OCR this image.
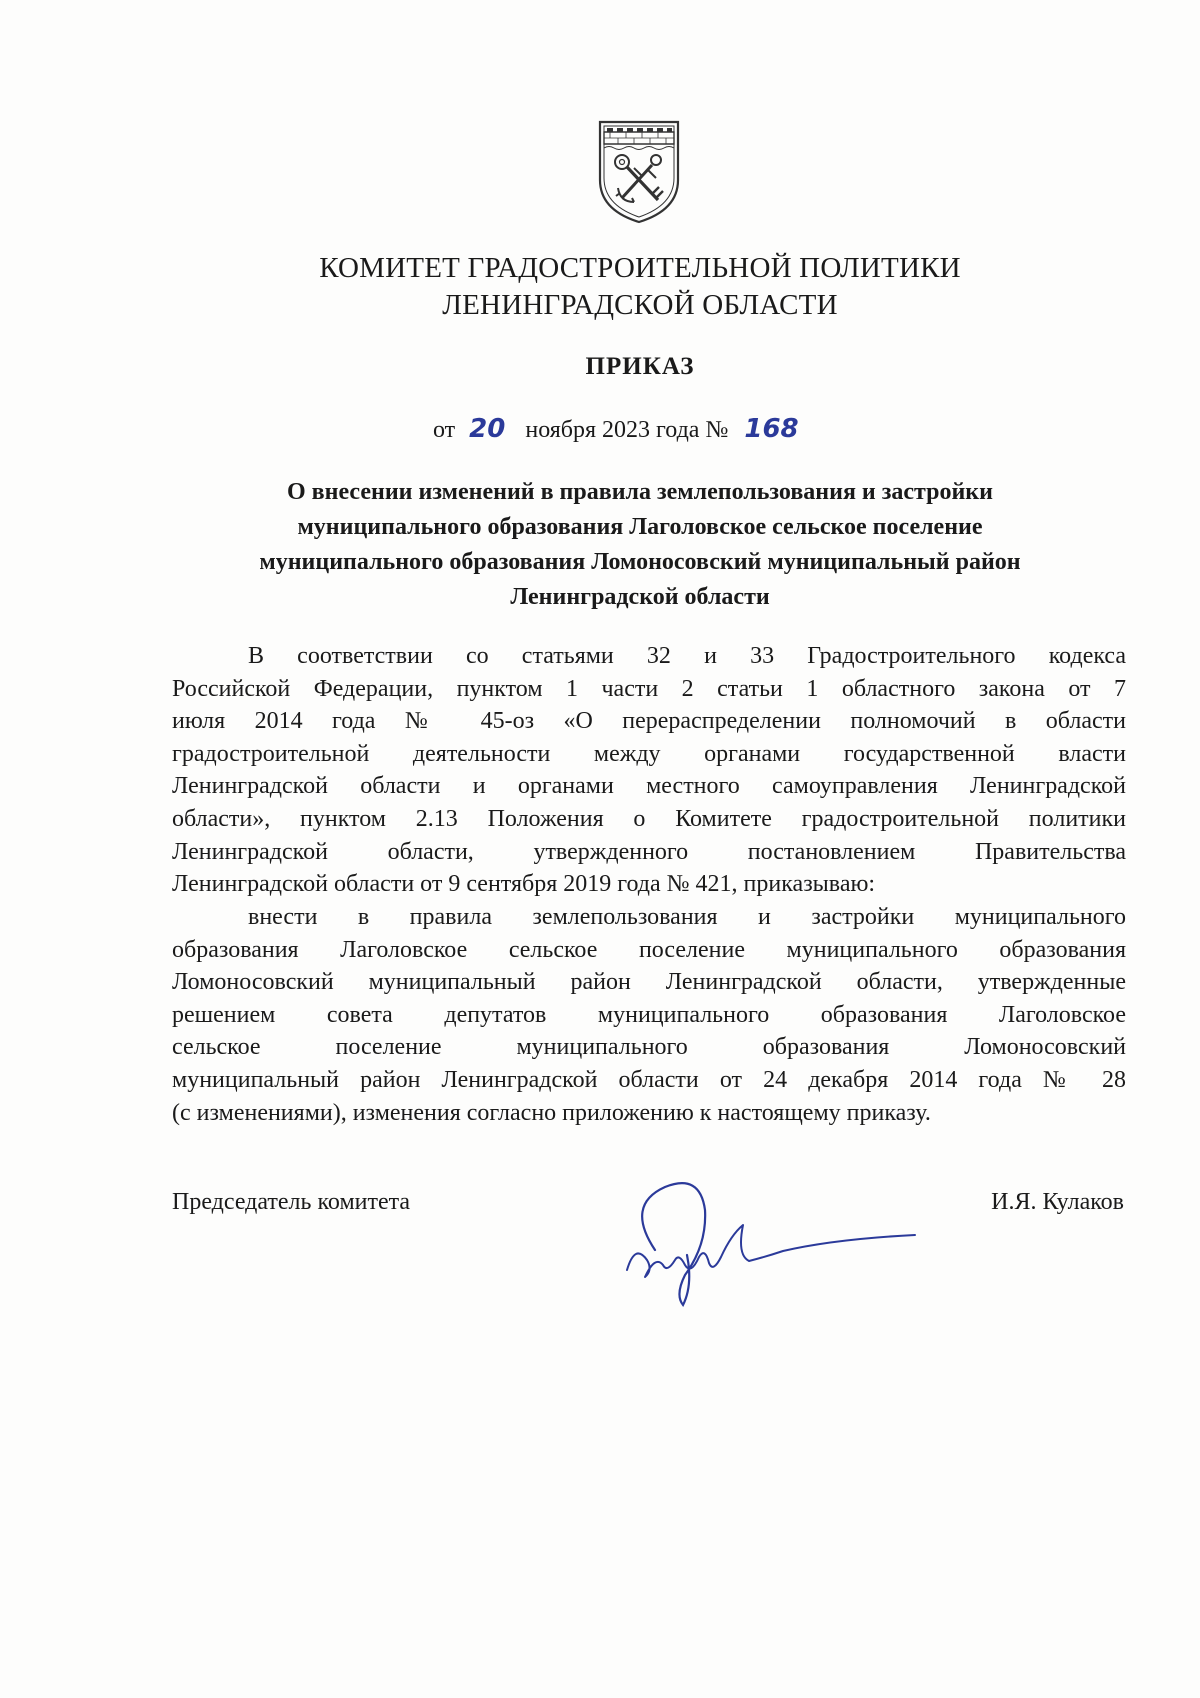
КОМИТЕТ ГРАДОСТРОИТЕЛЬНОЙ ПОЛИТИКИ
ЛЕНИНГРАДСКОЙ ОБЛАСТИ
ПРИКАЗ
от 20 ноября 2023 года № 168
О внесении изменений в правила землепользования и застройки
муниципального образования Лаголовское сельское поселение
муниципального образования Ломоносовский муниципальный район
Ленинградской области
В соответствии со статьями 32 и 33 Градостроительного кодекса
Российской Федерации, пунктом 1 части 2 статьи 1 областного закона от 7
июля 2014 года № 45-оз «О перераспределении полномочий в области
градостроительной деятельности между органами государственной власти
Ленинградской области и органами местного самоуправления Ленинградской
области», пунктом 2.13 Положения о Комитете градостроительной политики
Ленинградской области, утвержденного постановлением Правительства
Ленинградской области от 9 сентября 2019 года № 421, приказываю:
внести в правила землепользования и застройки муниципального
образования Лаголовское сельское поселение муниципального образования
Ломоносовский муниципальный район Ленинградской области, утвержденные
решением совета депутатов муниципального образования Лаголовское
сельское поселение муниципального образования Ломоносовский
муниципальный район Ленинградской области от 24 декабря 2014 года № 28
(с изменениями), изменения согласно приложению к настоящему приказу.
Председатель комитета	И.Я. Кулаков
